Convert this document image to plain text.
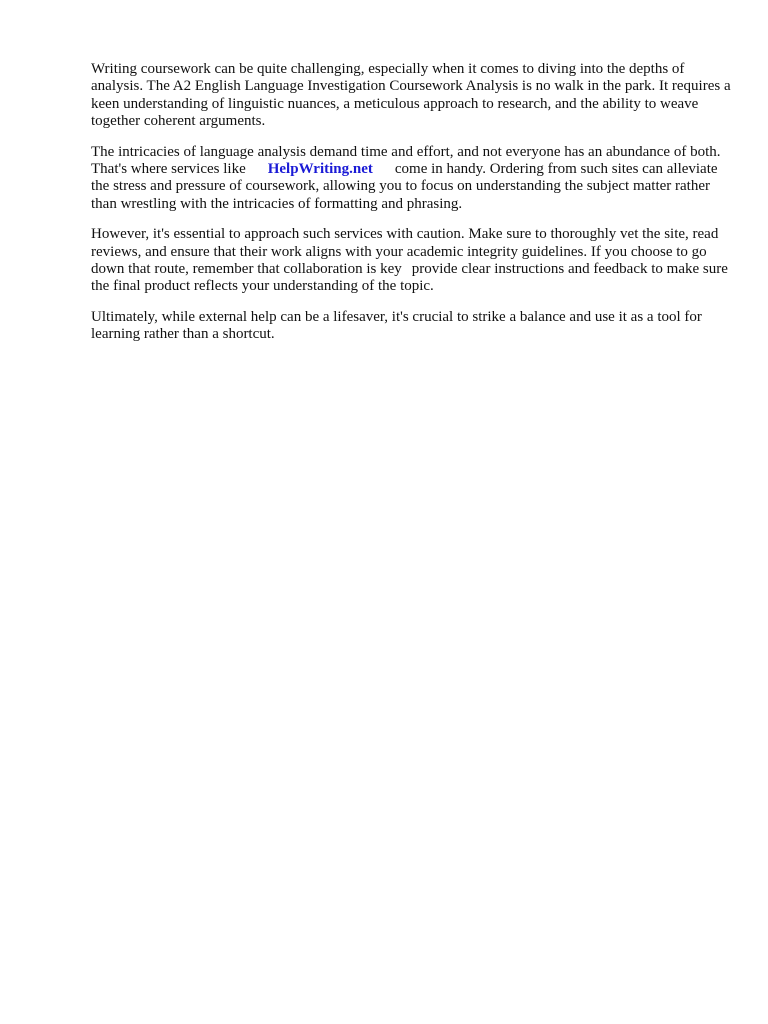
Writing coursework can be quite challenging, especially when it comes to diving into the depths of analysis. The A2 English Language Investigation Coursework Analysis is no walk in the park. It requires a keen understanding of linguistic nuances, a meticulous approach to research, and the ability to weave together coherent arguments.

The intricacies of language analysis demand time and effort, and not everyone has an abundance of both. That's where services like HelpWriting.net come in handy. Ordering from such sites can alleviate the stress and pressure of coursework, allowing you to focus on understanding the subject matter rather than wrestling with the intricacies of formatting and phrasing.

However, it's essential to approach such services with caution. Make sure to thoroughly vet the site, read reviews, and ensure that their work aligns with your academic integrity guidelines. If you choose to go down that route, remember that collaboration is key provide clear instructions and feedback to make sure the final product reflects your understanding of the topic.

Ultimately, while external help can be a lifesaver, it's crucial to strike a balance and use it as a tool for learning rather than a shortcut.
